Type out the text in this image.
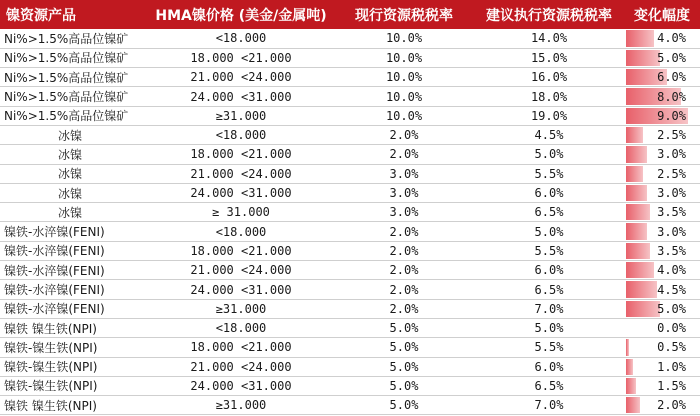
镍资源产品	HMA镍价格 (美金/金属吨)	现行资源税税率	建议执行资源税税率	变化幅度
Ni%>1.5%高品位镍矿	<18.000	10.0%	14.0%	4.0%
Ni%>1.5%高品位镍矿	18.000 <21.000	10.0%	15.0%	5.0%
Ni%>1.5%高品位镍矿	21.000 <24.000	10.0%	16.0%	6.0%
Ni%>1.5%高品位镍矿	24.000 <31.000	10.0%	18.0%	8.0%
Ni%>1.5%高品位镍矿	≥31.000	10.0%	19.0%	9.0%
冰镍	<18.000	2.0%	4.5%	2.5%
冰镍	18.000 <21.000	2.0%	5.0%	3.0%
冰镍	21.000 <24.000	3.0%	5.5%	2.5%
冰镍	24.000 <31.000	3.0%	6.0%	3.0%
冰镍	≥ 31.000	3.0%	6.5%	3.5%
镍铁-水淬镍(FENI)	<18.000	2.0%	5.0%	3.0%
镍铁-水淬镍(FENI)	18.000 <21.000	2.0%	5.5%	3.5%
镍铁-水淬镍(FENI)	21.000 <24.000	2.0%	6.0%	4.0%
镍铁-水淬镍(FENI)	24.000 <31.000	2.0%	6.5%	4.5%
镍铁-水淬镍(FENI)	≥31.000	2.0%	7.0%	5.0%
镍铁 镍生铁(NPI)	<18.000	5.0%	5.0%	0.0%
镍铁-镍生铁(NPI)	18.000 <21.000	5.0%	5.5%	0.5%
镍铁-镍生铁(NPI)	21.000 <24.000	5.0%	6.0%	1.0%
镍铁-镍生铁(NPI)	24.000 <31.000	5.0%	6.5%	1.5%
镍铁 镍生铁(NPI)	≥31.000	5.0%	7.0%	2.0%
